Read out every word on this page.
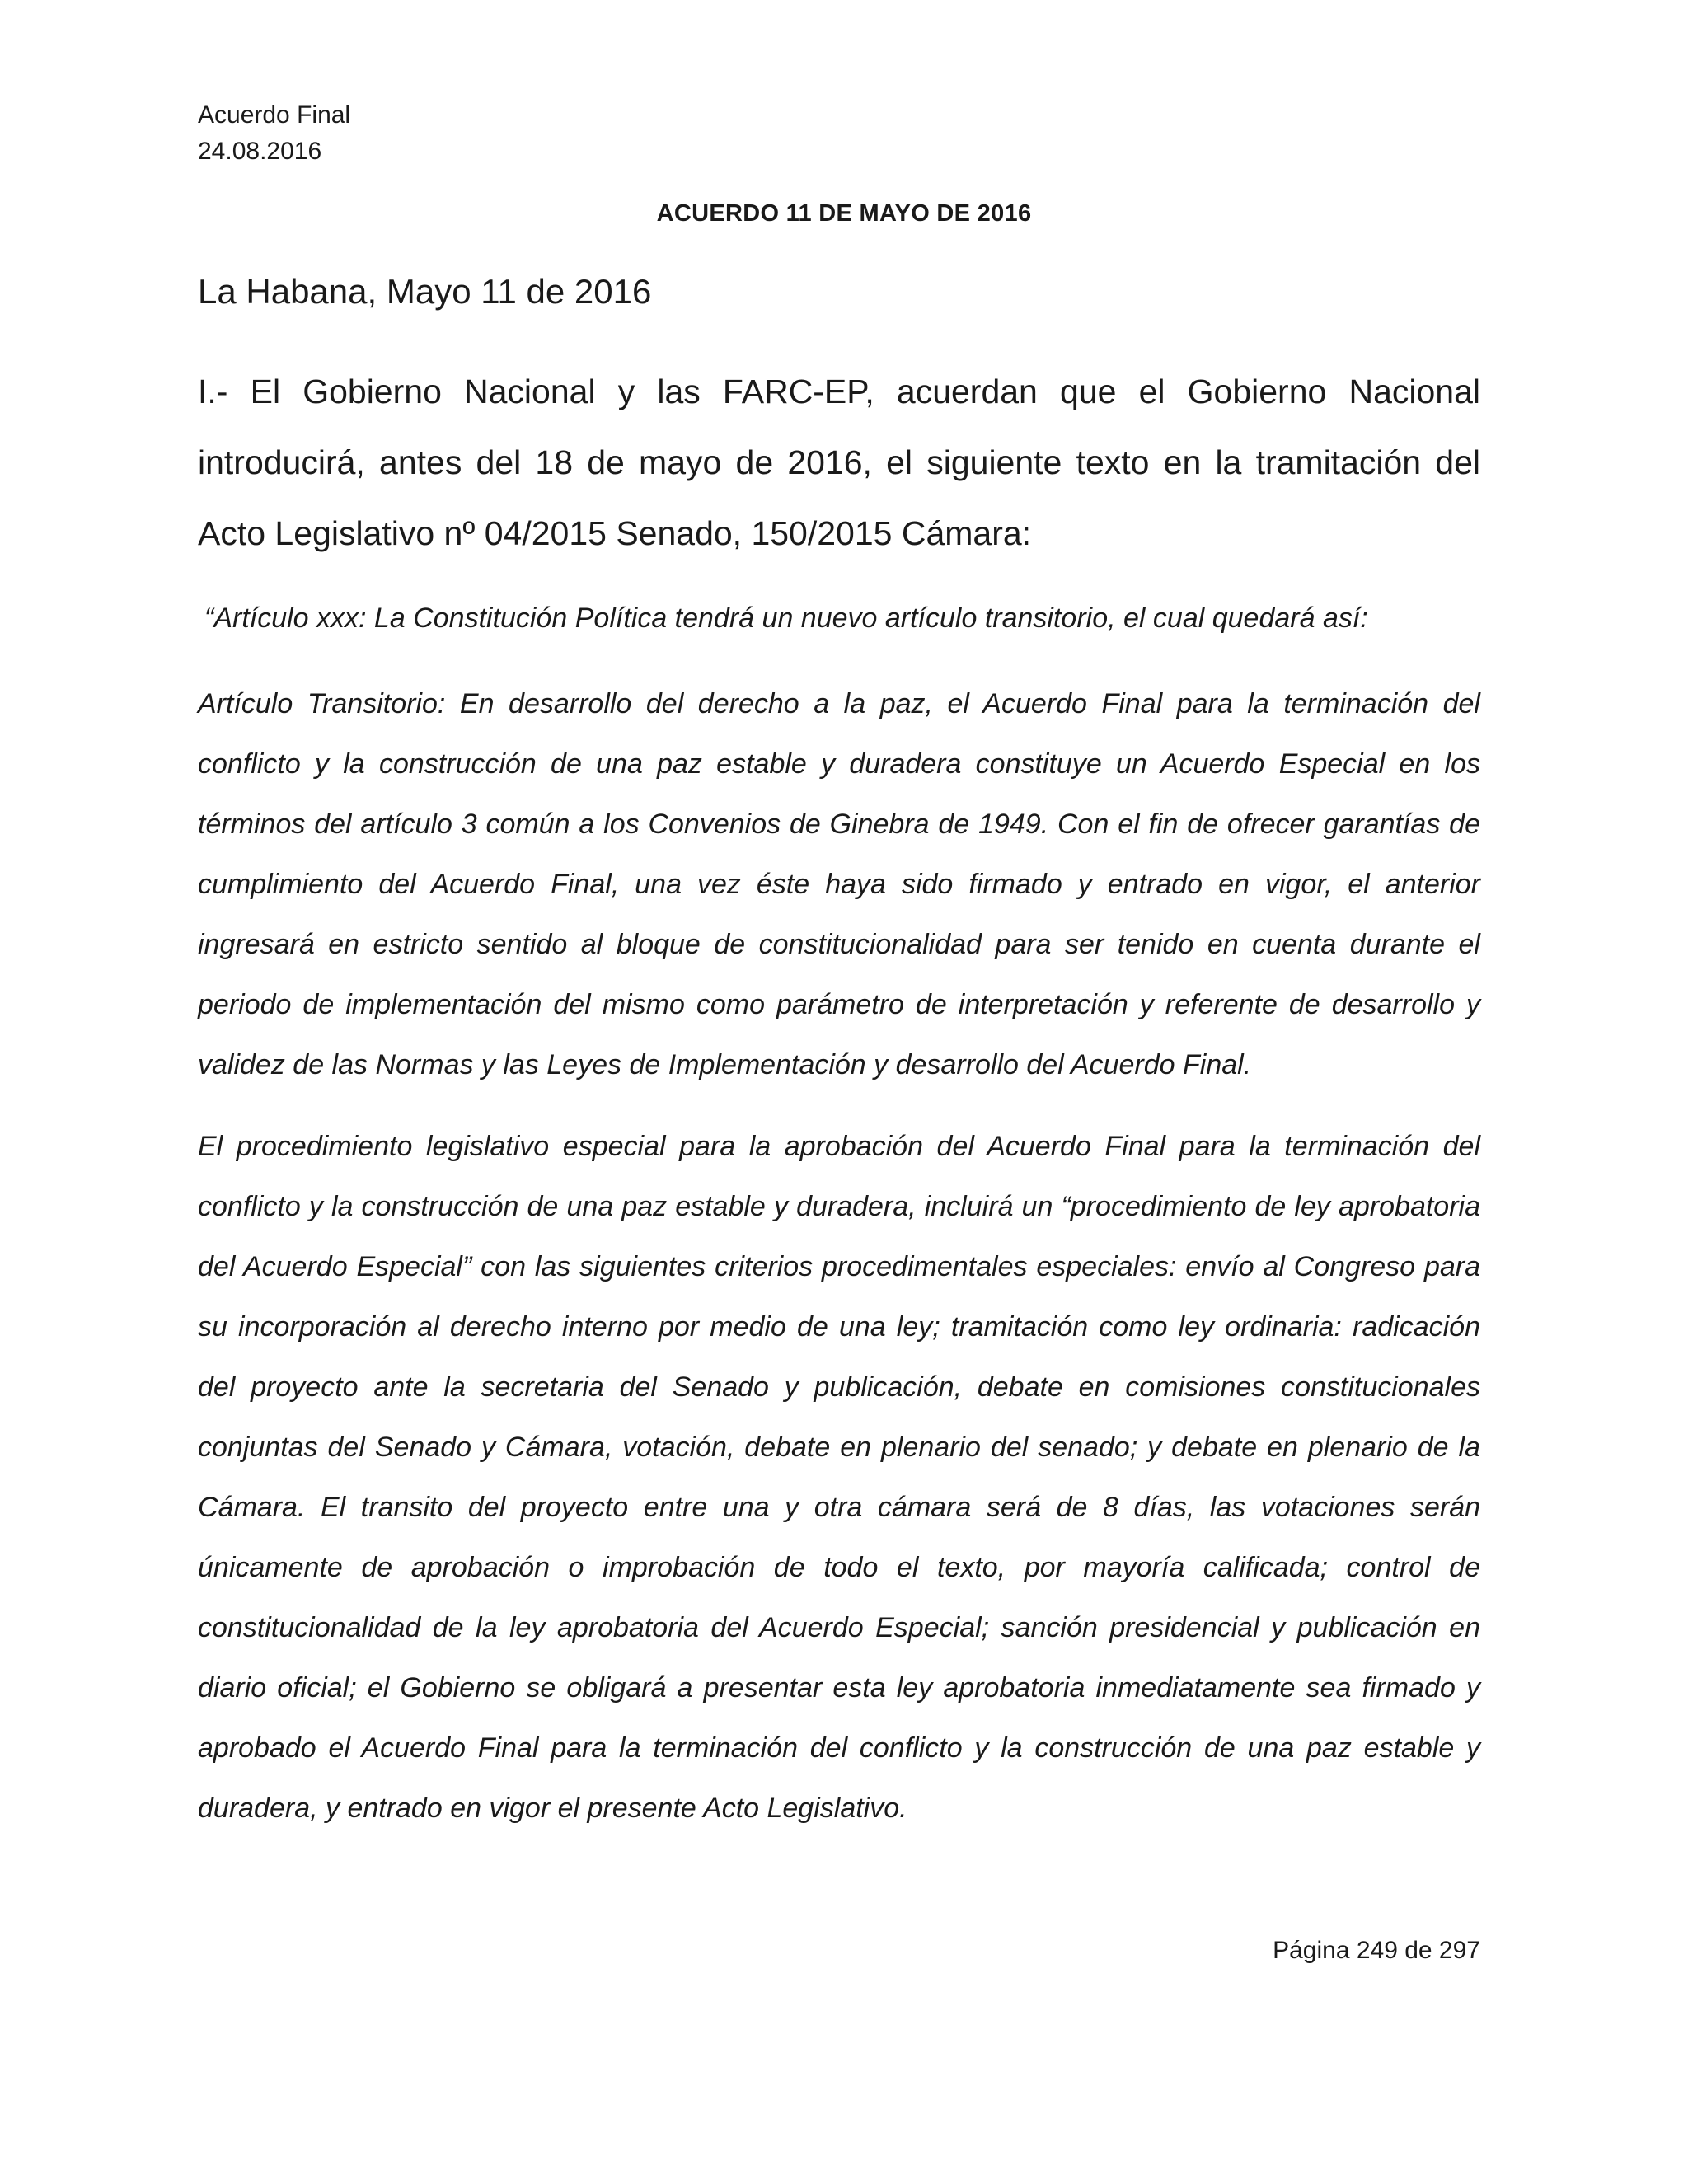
Acuerdo Final
24.08.2016
ACUERDO 11 DE MAYO DE 2016
La Habana, Mayo 11 de 2016
I.- El Gobierno Nacional y las FARC-EP, acuerdan que el Gobierno Nacional introducirá, antes del 18 de mayo de 2016, el siguiente texto en la tramitación del Acto Legislativo nº 04/2015 Senado, 150/2015 Cámara:
“Artículo xxx: La Constitución Política tendrá un nuevo artículo transitorio, el cual quedará así:
Artículo Transitorio: En desarrollo del derecho a la paz, el Acuerdo Final para la terminación del conflicto y la construcción de una paz estable y duradera constituye un Acuerdo Especial en los términos del artículo 3 común a los Convenios de Ginebra de 1949. Con el fin de ofrecer garantías de cumplimiento del Acuerdo Final, una vez éste haya sido firmado y entrado en vigor, el anterior ingresará en estricto sentido al bloque de constitucionalidad para ser tenido en cuenta durante el periodo de implementación del mismo como parámetro de interpretación y referente de desarrollo y validez de las Normas y las Leyes de Implementación y desarrollo del Acuerdo Final.
El procedimiento legislativo especial para la aprobación del Acuerdo Final para la terminación del conflicto y la construcción de una paz estable y duradera, incluirá un “procedimiento de ley aprobatoria del Acuerdo Especial” con las siguientes criterios procedimentales especiales: envío al Congreso para su incorporación al derecho interno por medio de una ley; tramitación como ley ordinaria: radicación del proyecto ante la secretaria del Senado y publicación, debate en comisiones constitucionales conjuntas del Senado y Cámara, votación, debate en plenario del senado; y debate en plenario de la Cámara. El transito del proyecto entre una y otra cámara será de 8 días, las votaciones serán únicamente de aprobación o improbación de todo el texto, por mayoría calificada; control de constitucionalidad de la ley aprobatoria del Acuerdo Especial; sanción presidencial y publicación en diario oficial; el Gobierno se obligará a presentar esta ley aprobatoria inmediatamente sea firmado y aprobado el Acuerdo Final para la terminación del conflicto y la construcción de una paz estable y duradera, y entrado en vigor el presente Acto Legislativo.
Página 249 de 297
